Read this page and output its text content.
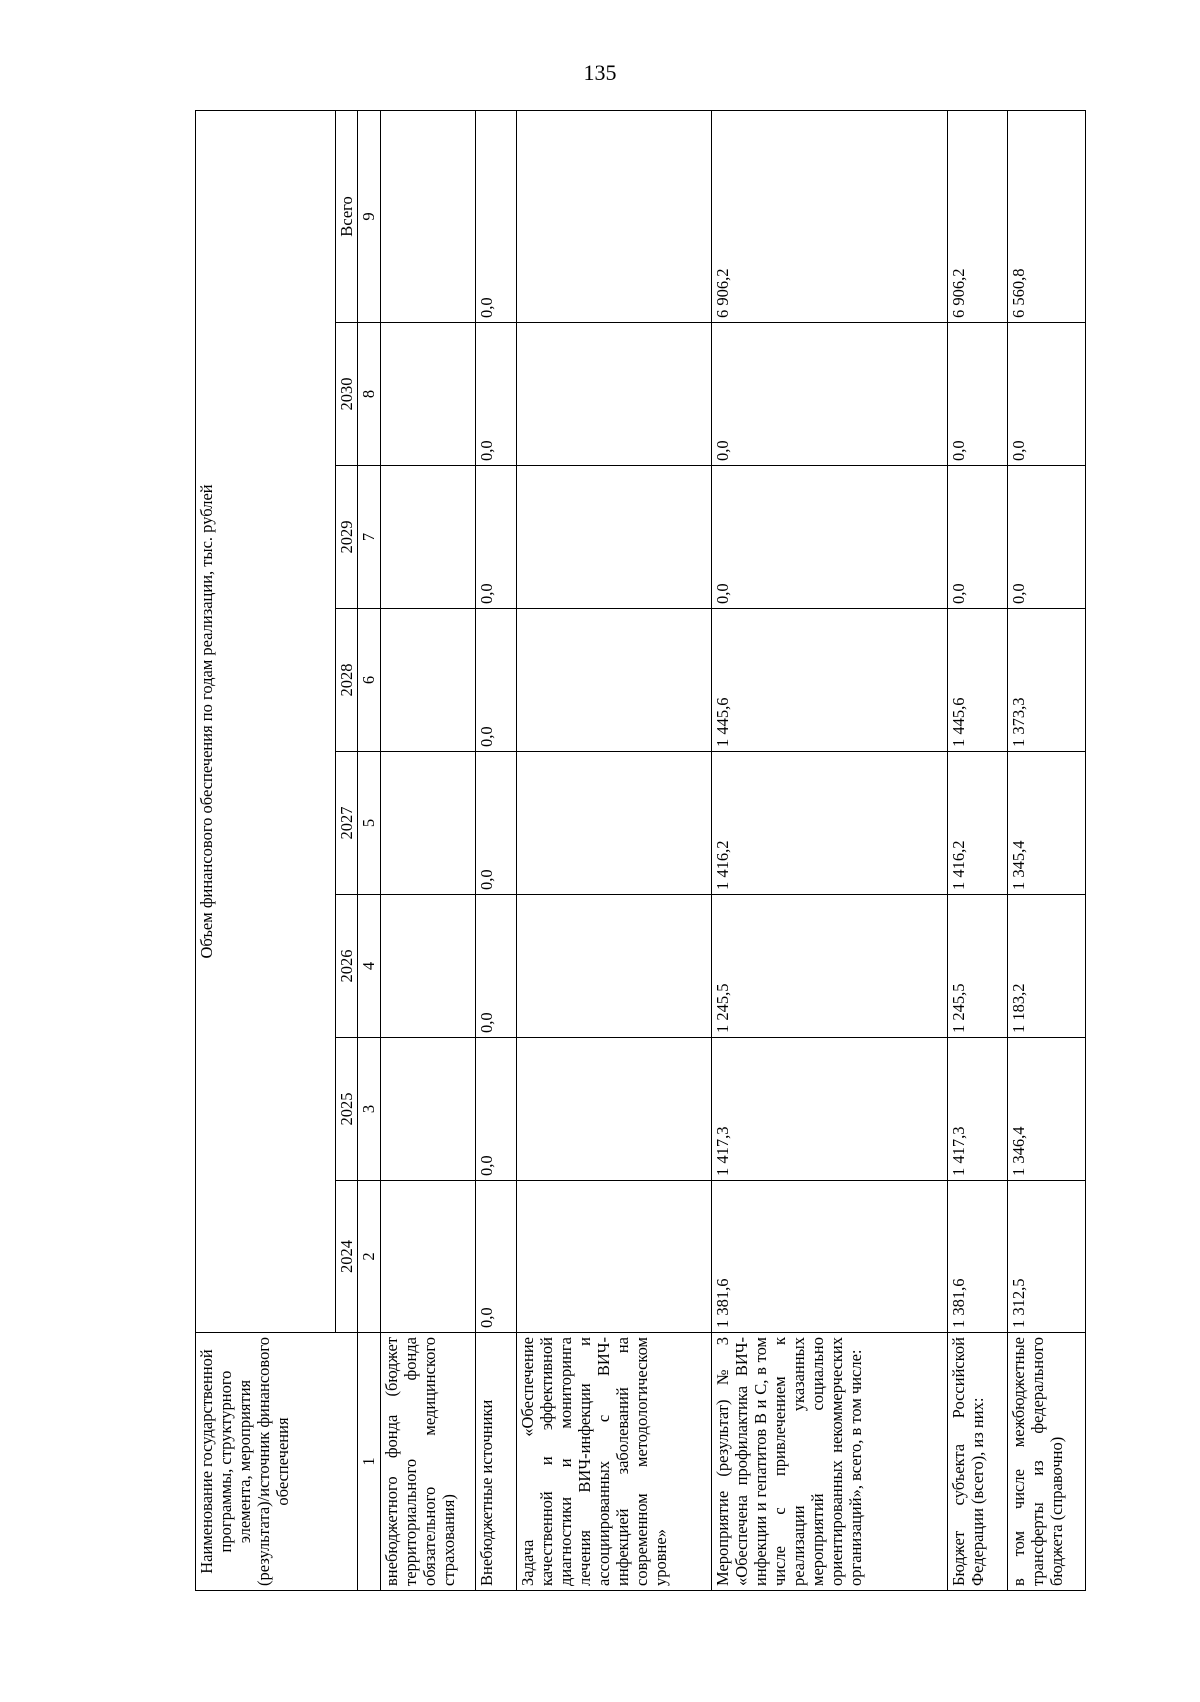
135
Наименование государственной программы, структурного элемента, мероприятия (результата)/источник финансового обеспечения	Объем финансового обеспечения по годам реализации, тыс. рублей							
	2024	2025	2026	2027	2028	2029	2030	Всего
1	2	3	4	5	6	7	8	9
внебюджетного фонда (бюджет территориального фонда обязательного медицинского страхования)								
Внебюджетные источники	0,0	0,0	0,0	0,0	0,0	0,0	0,0	0,0
Задача «Обеспечение качественной и эффективной диагностики и мониторинга лечения ВИЧ-инфекции и ассоциированных с ВИЧ-инфекцией заболеваний на современном методологическом уровне»								
Мероприятие (результат) № 3 «Обеспечена профилактика ВИЧ-инфекции и гепатитов В и С, в том числе с привлечением к реализации указанных мероприятий социально ориентированных некоммерческих организаций», всего, в том числе:	1 381,6	1 417,3	1 245,5	1 416,2	1 445,6	0,0	0,0	6 906,2
Бюджет субъекта Российской Федерации (всего), из них:	1 381,6	1 417,3	1 245,5	1 416,2	1 445,6	0,0	0,0	6 906,2
в том числе межбюджетные трансферты из федерального бюджета (справочно)	1 312,5	1 346,4	1 183,2	1 345,4	1 373,3	0,0	0,0	6 560,8
